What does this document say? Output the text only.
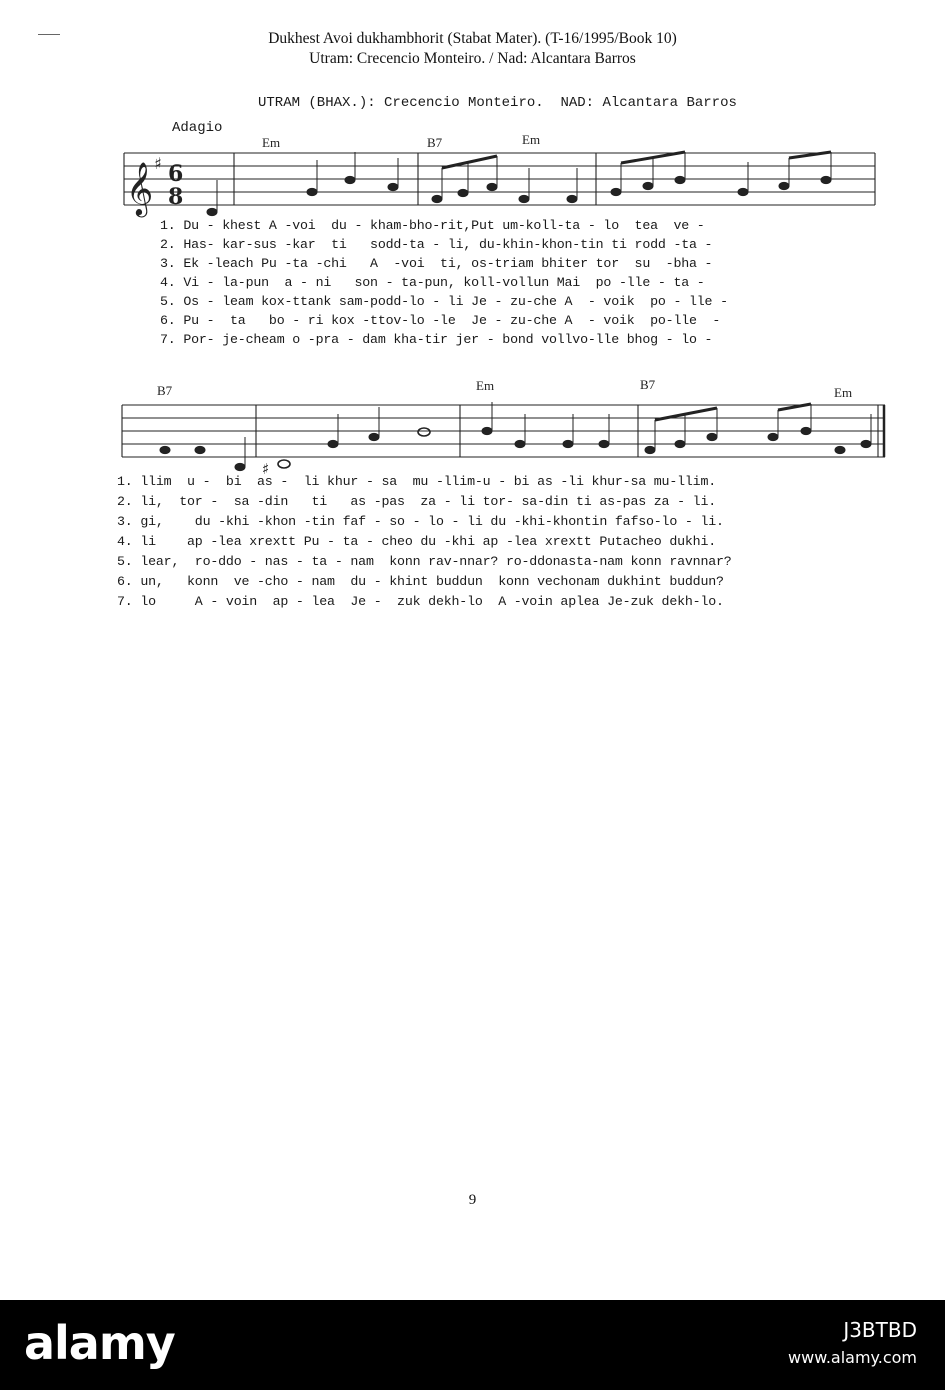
Dukhest Avoi dukhambhorit (Stabat Mater). (T-16/1995/Book 10)
Utram: Crecencio Monteiro. / Nad: Alcantara Barros
UTRAM (BHAX.): Crecencio Monteiro.  NAD: Alcantara Barros
Adagio
𝄞 ♯ 6
8
♯
Em	B7	Em
B7	Em	B7
Em
1. Du - khest A -voi  du - kham-bho-rit,Put um-koll-ta - lo  tea  ve -
2. Has- kar-sus -kar  ti   sodd-ta - li, du-khin-khon-tin ti rodd -ta -
3. Ek -leach Pu -ta -chi   A  -voi  ti, os-triam bhiter tor  su  -bha -
4. Vi - la-pun  a - ni   son - ta-pun, koll-vollun Mai  po -lle - ta -
5. Os - leam kox-ttank sam-podd-lo - li Je - zu-che A  - voik  po - lle -
6. Pu -  ta   bo - ri kox -ttov-lo -le  Je - zu-che A  - voik  po-lle  -
7. Por- je-cheam o -pra - dam kha-tir jer - bond vollvo-lle bhog - lo -
1. llim  u -  bi  as -  li khur - sa  mu -llim-u - bi as -li khur-sa mu-llim.
2. li,  tor -  sa -din   ti   as -pas  za - li tor- sa-din ti as-pas za - li.
3. gi,    du -khi -khon -tin faf - so - lo - li du -khi-khontin fafso-lo - li.
4. li    ap -lea xrextt Pu - ta - cheo du -khi ap -lea xrextt Putacheo dukhi.
5. lear,  ro-ddo - nas - ta - nam  konn rav-nnar? ro-ddonasta-nam konn ravnnar?
6. un,   konn  ve -cho - nam  du - khint buddun  konn vechonam dukhint buddun?
7. lo     A - voin  ap - lea  Je -  zuk dekh-lo  A -voin aplea Je-zuk dekh-lo.
9
alamy	J3BTBD
www.alamy.com
